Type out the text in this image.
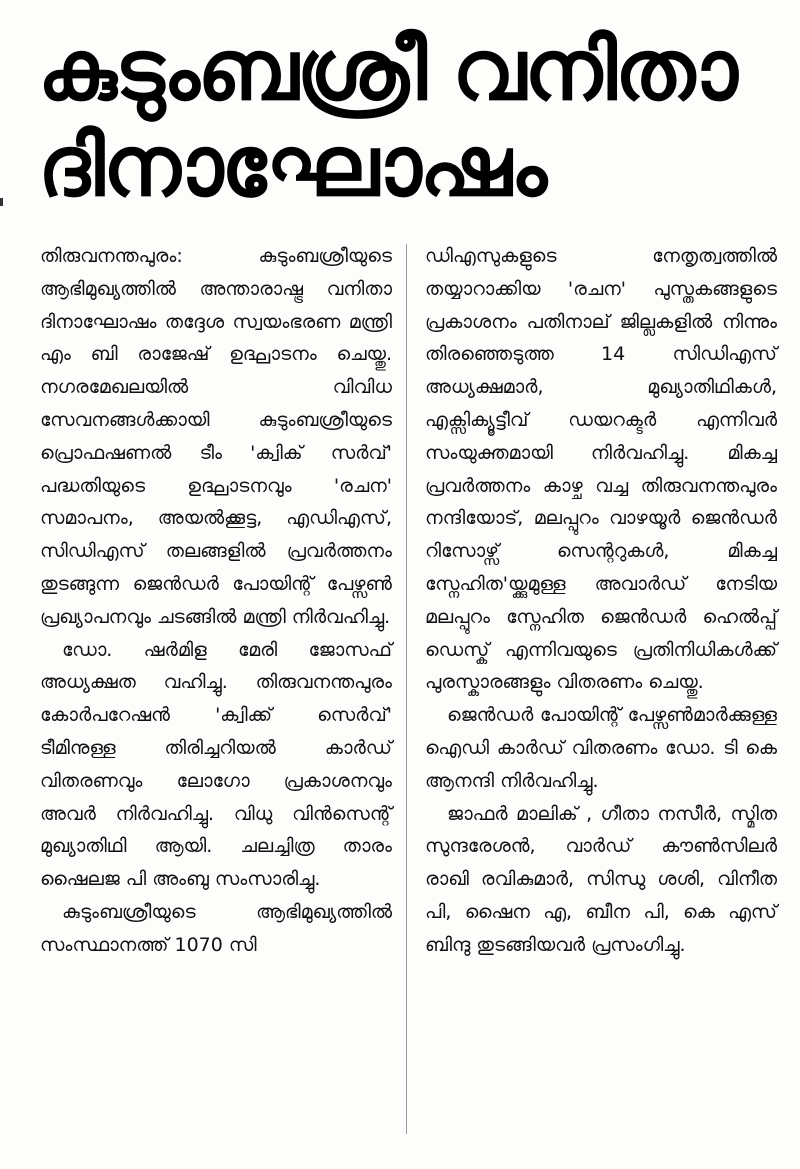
കുടുംബശ്രീ വനിതാ
ദിനാഘോഷം

തിരുവനന്തപുരം: കുടുംബശ്രീയുടെ ആഭിമുഖ്യത്തിൽ അന്താരാഷ്ട്ര വനിതാ ദിനാഘോഷം തദ്ദേശ സ്വയംഭരണ മന്ത്രി എം ബി രാജേഷ് ഉദ്ഘാടനം ചെയ്തു. നഗരമേഖലയിൽ വിവിധ സേവനങ്ങൾക്കായി കുടുംബശ്രീയുടെ പ്രൊഫഷണൽ ടീം 'ക്വിക് സർവ്' പദ്ധതിയുടെ ഉദ്ഘാടനവും 'രചന' സമാപനം, അയൽക്കൂട്ട, എഡിഎസ്, സിഡിഎസ് തലങ്ങളിൽ പ്രവർത്തനം തുടങ്ങുന്ന ജെൻഡർ പോയിന്റ് പേഴ്സൺ പ്രഖ്യാപനവും ചടങ്ങിൽ മന്ത്രി നിർവഹിച്ചു.

ഡോ. ഷർമിള മേരി ജോസഫ് അധ്യക്ഷത വഹിച്ചു. തിരുവനന്തപുരം കോർപറേഷൻ 'ക്വിക്ക് സെർവ്' ടീമിനുള്ള തിരിച്ചറിയൽ കാർഡ് വിതരണവും ലോഗോ പ്രകാശനവും അവർ നിർവഹിച്ചു. വിധു വിൻസെന്റ് മുഖ്യാതിഥി ആയി. ചലച്ചിത്ര താരം ഷൈലജ പി അംബു സംസാരിച്ചു.

കുടുംബശ്രീയുടെ ആഭിമുഖ്യത്തിൽ സംസ്ഥാനത്ത് 1070 സി

ഡിഎസുകളുടെ നേതൃത്വത്തിൽ തയ്യാറാക്കിയ 'രചന' പുസ്തകങ്ങളുടെ പ്രകാശനം പതിനാല് ജില്ലകളിൽ നിന്നും തിരഞ്ഞെടുത്ത 14 സിഡിഎസ് അധ്യക്ഷമാർ, മുഖ്യാതിഥികൾ, എക്സിക്യൂട്ടീവ് ഡയറക്ടർ എന്നിവർ സംയുക്തമായി നിർവഹിച്ചു. മികച്ച പ്രവർത്തനം കാഴ്ച വച്ച തിരുവനന്തപുരം നന്ദിയോട്, മലപ്പുറം വാഴയൂർ ജെൻഡർ റിസോഴ്സ് സെന്ററുകൾ, മികച്ച സ്നേഹിത'യ്ക്കുമുള്ള അവാർഡ് നേടിയ മലപ്പുറം സ്നേഹിത ജെൻഡർ ഹെൽപ്പ് ഡെസ്ക് എന്നിവയുടെ പ്രതിനിധികൾക്ക് പുരസ്കാരങ്ങളും വിതരണം ചെയ്തു.

ജെൻഡർ പോയിന്റ് പേഴ്സൺമാർക്കുള്ള ഐഡി കാർഡ് വിതരണം ഡോ. ടി കെ ആനന്ദി നിർവഹിച്ചു.

ജാഫർ മാലിക് , ഗീതാ നസീർ, സ്മിത സുന്ദരേശൻ, വാർഡ് കൗൺസിലർ രാഖി രവികുമാർ, സിന്ധു ശശി, വിനീത പി, ഷൈന എ, ബീന പി, കെ എസ് ബിന്ദു തുടങ്ങിയവർ പ്രസംഗിച്ചു.
